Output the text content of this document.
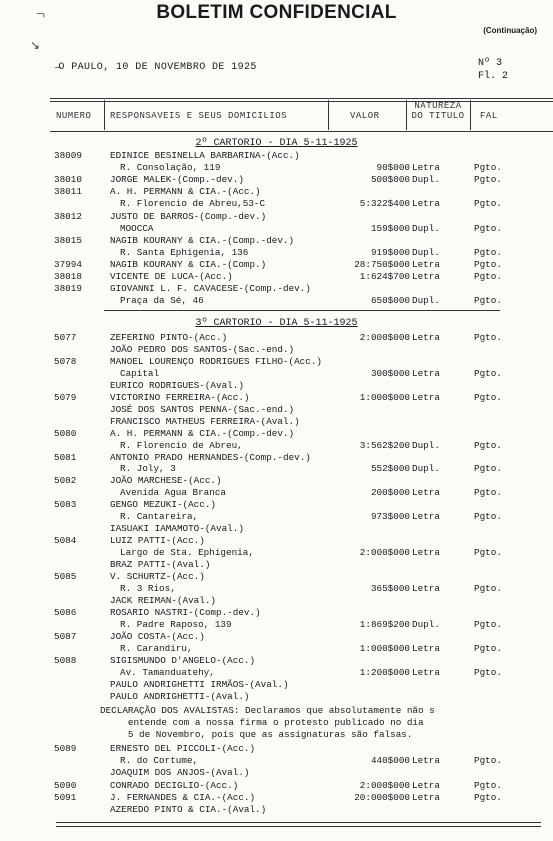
BOLETIM CONFIDENCIAL
(Continuação)
¬
↘
̶O PAULO, 10 DE NOVEMBRO DE 1925	Nº 3
Fl. 2
NUMERO RESPONSAVEIS E SEUS DOMICILIOS	VALOR
NATUREZA DO TITULO	FAL
2º CARTORIO - DIA 5-11-1925
38009	EDINICE BESINELLA BARBARINA-(Acc.)
R. Consolação, 119	90$000 Letra	Pgto.
38010	JORGE MALEK-(Comp.-dev.)	500$000 Dupl.	Pgto.
38011	A. H. PERMANN & CIA.-(Acc.)
R. Florencio de Abreu,53-C	5:322$400 Letra	Pgto.
38012	JUSTO DE BARROS-(Comp.-dev.)
MOOCCA	159$000 Dupl.	Pgto.
38015	NAGIB KOURANY & CIA.-(Comp.-dev.)
R. Santa Ephigenia, 136	919$000 Dupl.	Pgto.
37994	NAGIB KOURANY & CIA.-(Comp.)	28:750$000 Letra	Pgto.
38018	VICENTE DE LUCA-(Acc.)	1:624$700 Letra	Pgto.
38019	GIOVANNI L. F. CAVACESE-(Comp.-dev.)
Praça da Sé, 46	650$000 Dupl.	Pgto.
3º CARTORIO - DIA 5-11-1925
5077	ZEFERINO PINTO-(Acc.)	2:000$000 Letra	Pgto.
JOÃO PEDRO DOS SANTOS-(Sac.-end.)
5078	MANOEL LOURENÇO RODRIGUES FILHO-(Acc.)
Capital	300$000 Letra	Pgto.
EURICO RODRIGUES-(Aval.)
5079	VICTORINO FERREIRA-(Acc.)	1:000$000 Letra	Pgto.
JOSÉ DOS SANTOS PENNA-(Sac.-end.)
FRANCISCO MATHEUS FERREIRA-(Aval.)
5080	A. H. PERMANN & CIA.-(Comp.-dev.)
R. Florencio de Abreu,	3:562$200 Dupl.	Pgto.
5081	ANTONIO PRADO HERNANDES-(Comp.-dev.)
R. Joly, 3	552$000 Dupl.	Pgto.
5082	JOÃO MARCHESE-(Acc.)
Avenida Agua Branca	200$000 Letra	Pgto.
5083	GENGO MEZUKI-(Acc.)
R. Cantareira,	973$000 Letra	Pgto.
IASUAKI IAMAMOTO-(Aval.)
5084	LUIZ PATTI-(Acc.)
Largo de Sta. Ephigenia,	2:000$000 Letra	Pgto.
BRAZ PATTI-(Aval.)
5085	V. SCHURTZ-(Acc.)
R. 3 Rios,	365$000 Letra	Pgto.
JACK REIMAN-(Aval.)
5086	ROSARIO NASTRI-(Comp.-dev.)
R. Padre Raposo, 139	1:869$200 Dupl.	Pgto.
5087	JOÃO COSTA-(Acc.)
R. Carandiru,	1:000$000 Letra	Pgto.
5088	SIGISMUNDO D'ANGELO-(Acc.)
Av. Tamanduatehy,	1:200$000 Letra	Pgto.
PAULO ANDRIGHETTI IRMÃOS-(Aval.)
PAULO ANDRIGHETTI-(Aval.)
DECLARAÇÃO DOS AVALISTAS: Declaramos que absolutamente não s
entende com a nossa firma o protesto publicado no dia
5 de Novembro, pois que as assignaturas são falsas.
5089	ERNESTO DEL PICCOLI-(Acc.)
R. do Cortume,	440$000 Letra	Pgto.
JOAQUIM DOS ANJOS-(Aval.)
5090	CONRADO DECIGLIO-(Acc.)	2:000$000 Letra	Pgto.
5091	J. FERNANDES & CIA.-(Acc.)	20:000$000 Letra	Pgto.
AZEREDO PINTO & CIA.-(Aval.)
